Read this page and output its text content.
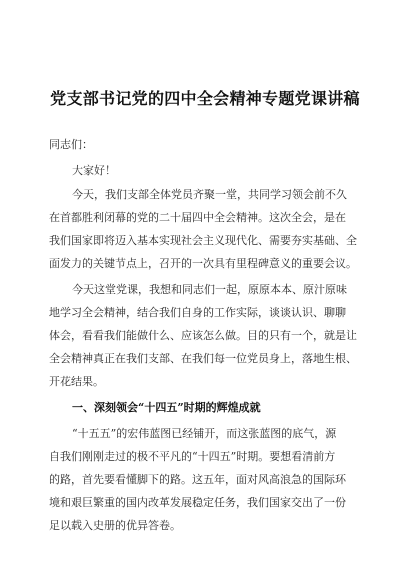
党支部书记党的四中全会精神专题党课讲稿
同志们：
大家好！
今天，我们支部全体党员齐聚一堂，共同学习领会前不久
在首都胜利闭幕的党的二十届四中全会精神。这次全会，是在
我们国家即将迈入基本实现社会主义现代化、需要夯实基础、全
面发力的关键节点上，召开的一次具有里程碑意义的重要会议。
今天这堂党课，我想和同志们一起，原原本本、原汁原味
地学习全会精神，结合我们自身的工作实际，谈谈认识、聊聊
体会，看看我们能做什么、应该怎么做。目的只有一个，就是让
全会精神真正在我们支部、在我们每一位党员身上，落地生根、
开花结果。
一、深刻领会“十四五”时期的辉煌成就
“十五五”的宏伟蓝图已经铺开，而这张蓝图的底气，源
自我们刚刚走过的极不平凡的“十四五”时期。要想看清前方
的路，首先要看懂脚下的路。这五年，面对风高浪急的国际环
境和艰巨繁重的国内改革发展稳定任务，我们国家交出了一份
足以载入史册的优异答卷。
